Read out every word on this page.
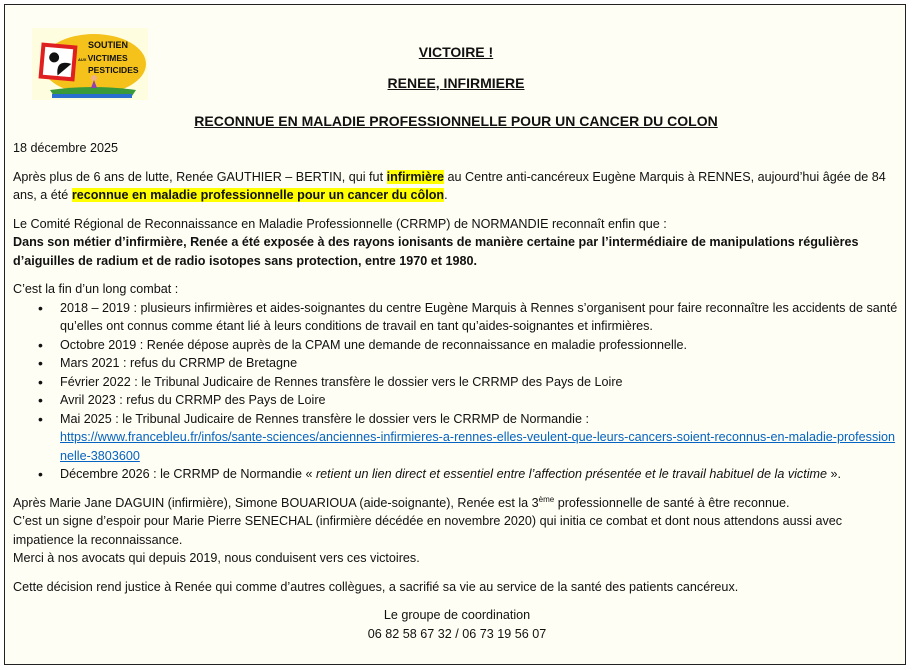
SOUTIEN
AUX VICTIMES
PESTICIDES
VICTOIRE !
RENEE, INFIRMIERE
RECONNUE EN MALADIE PROFESSIONNELLE POUR UN CANCER DU COLON

18 décembre 2025

Après plus de 6 ans de lutte, Renée GAUTHIER – BERTIN, qui fut infirmière au Centre anti-cancéreux Eugène Marquis à RENNES, aujourd’hui âgée de 84 ans, a été reconnue en maladie professionnelle pour un cancer du côlon.

Le Comité Régional de Reconnaissance en Maladie Professionnelle (CRRMP) de NORMANDIE reconnaît enfin que :

Dans son métier d’infirmière, Renée a été exposée à des rayons ionisants de manière certaine par l’intermédiaire de manipulations régulières d’aiguilles de radium et de radio isotopes sans protection, entre 1970 et 1980.

C’est la fin d’un long combat :

• 2018 – 2019 : plusieurs infirmières et aides-soignantes du centre Eugène Marquis à Rennes s’organisent pour faire reconnaître les accidents de santé qu’elles ont connus comme étant lié à leurs conditions de travail en tant qu’aides-soignantes et infirmières.
• Octobre 2019 : Renée dépose auprès de la CPAM une demande de reconnaissance en maladie professionnelle.
• Mars 2021 : refus du CRRMP de Bretagne
• Février 2022 : le Tribunal Judicaire de Rennes transfère le dossier vers le CRRMP des Pays de Loire
• Avril 2023 : refus du CRRMP des Pays de Loire
• Mai 2025 : le Tribunal Judicaire de Rennes transfère le dossier vers le CRRMP de Normandie :
https://www.francebleu.fr/infos/sante-sciences/anciennes-infirmieres-a-rennes-elles-veulent-que-leurs-cancers-soient-reconnus-en-maladie-professionnelle-3803600
• Décembre 2026 : le CRRMP de Normandie « retient un lien direct et essentiel entre l’affection présentée et le travail habituel de la victime ».

Après Marie Jane DAGUIN (infirmière), Simone BOUARIOUA (aide-soignante), Renée est la 3ème professionnelle de santé à être reconnue.

C’est un signe d’espoir pour Marie Pierre SENECHAL (infirmière décédée en novembre 2020) qui initia ce combat et dont nous attendons aussi avec impatience la reconnaissance.

Merci à nos avocats qui depuis 2019, nous conduisent vers ces victoires.

Cette décision rend justice à Renée qui comme d’autres collègues, a sacrifié sa vie au service de la santé des patients cancéreux.

Le groupe de coordination

06 82 58 67 32 / 06 73 19 56 07
